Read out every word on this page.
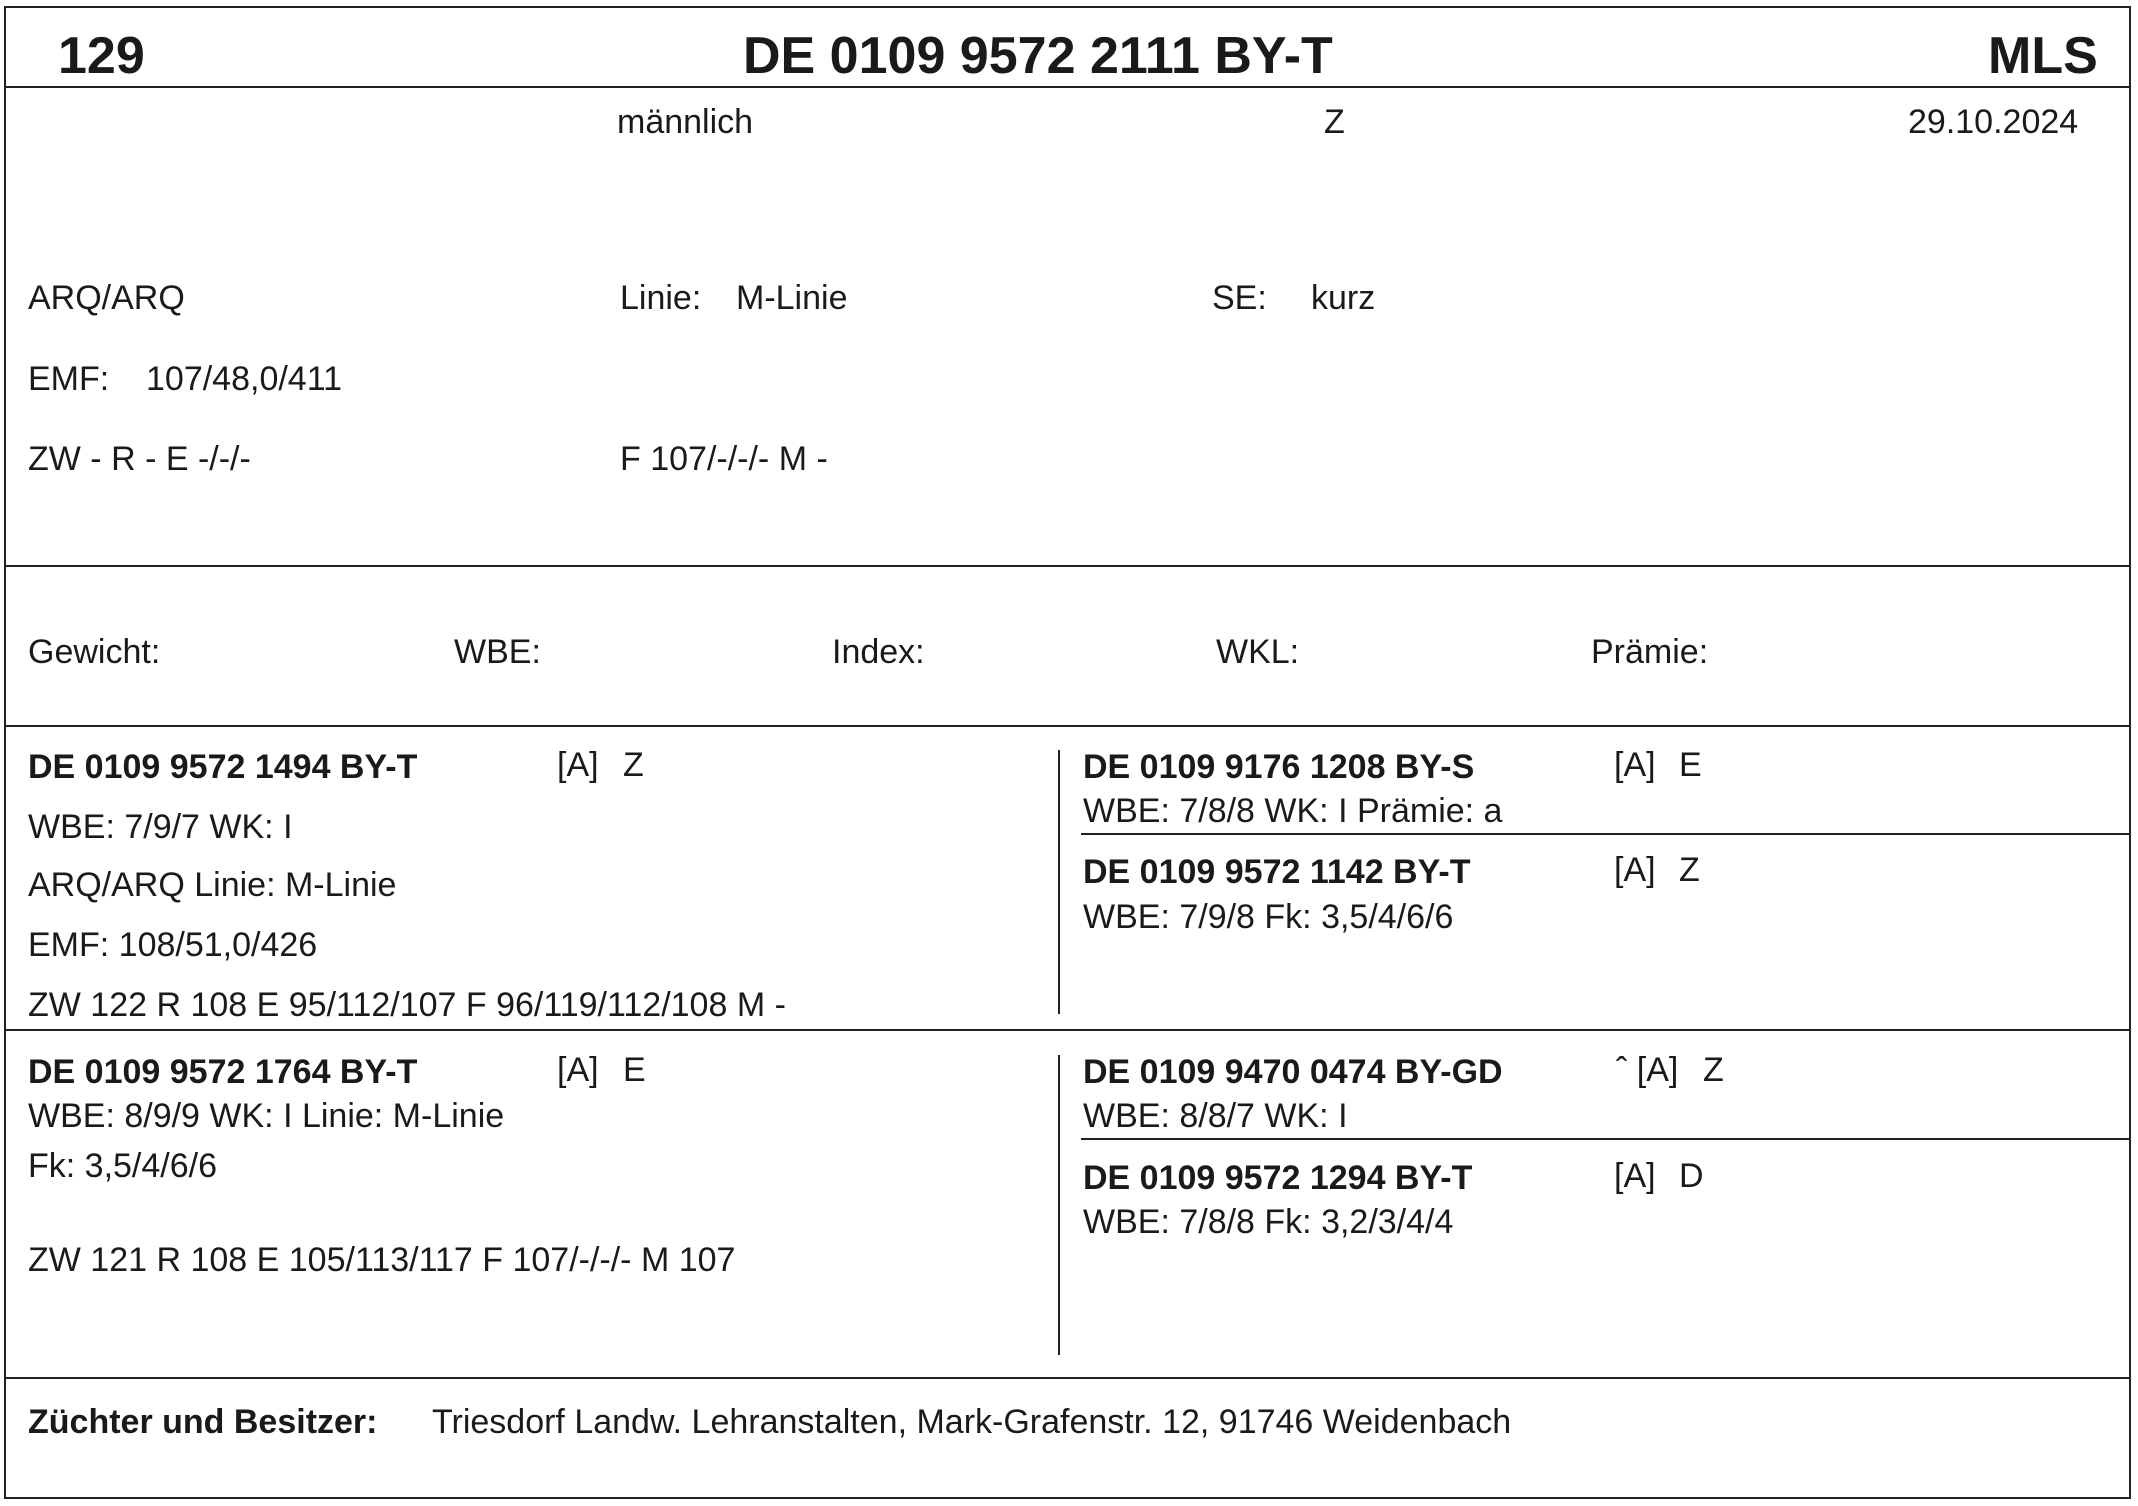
129	DE 0109 9572 2111 BY-T	MLS
männlich	Z	29.10.2024
ARQ/ARQ	Linie: M-Linie	SE: kurz
EMF: 107/48,0/411
ZW - R - E -/-/-	F 107/-/-/- M -
Gewicht:	WBE:	Index:	WKL:	Prämie:
DE 0109 9572 1494 BY-T	[A] Z
WBE: 7/9/7 WK: I
ARQ/ARQ Linie: M-Linie
EMF: 108/51,0/426
ZW 122 R 108 E 95/112/107 F 96/119/112/108 M -
DE 0109 9176 1208 BY-S	[A] E
WBE: 7/8/8 WK: I Prämie: a
DE 0109 9572 1142 BY-T	[A] Z
WBE: 7/9/8 Fk: 3,5/4/6/6
DE 0109 9572 1764 BY-T	[A] E
WBE: 8/9/9 WK: I Linie: M-Linie
Fk: 3,5/4/6/6
ZW 121 R 108 E 105/113/117 F 107/-/-/- M 107
DE 0109 9470 0474 BY-GD	ˆ [A] Z
WBE: 8/8/7 WK: I
DE 0109 9572 1294 BY-T	[A] D
WBE: 7/8/8 Fk: 3,2/3/4/4
Züchter und Besitzer: Triesdorf Landw. Lehranstalten, Mark-Grafenstr. 12, 91746 Weidenbach
